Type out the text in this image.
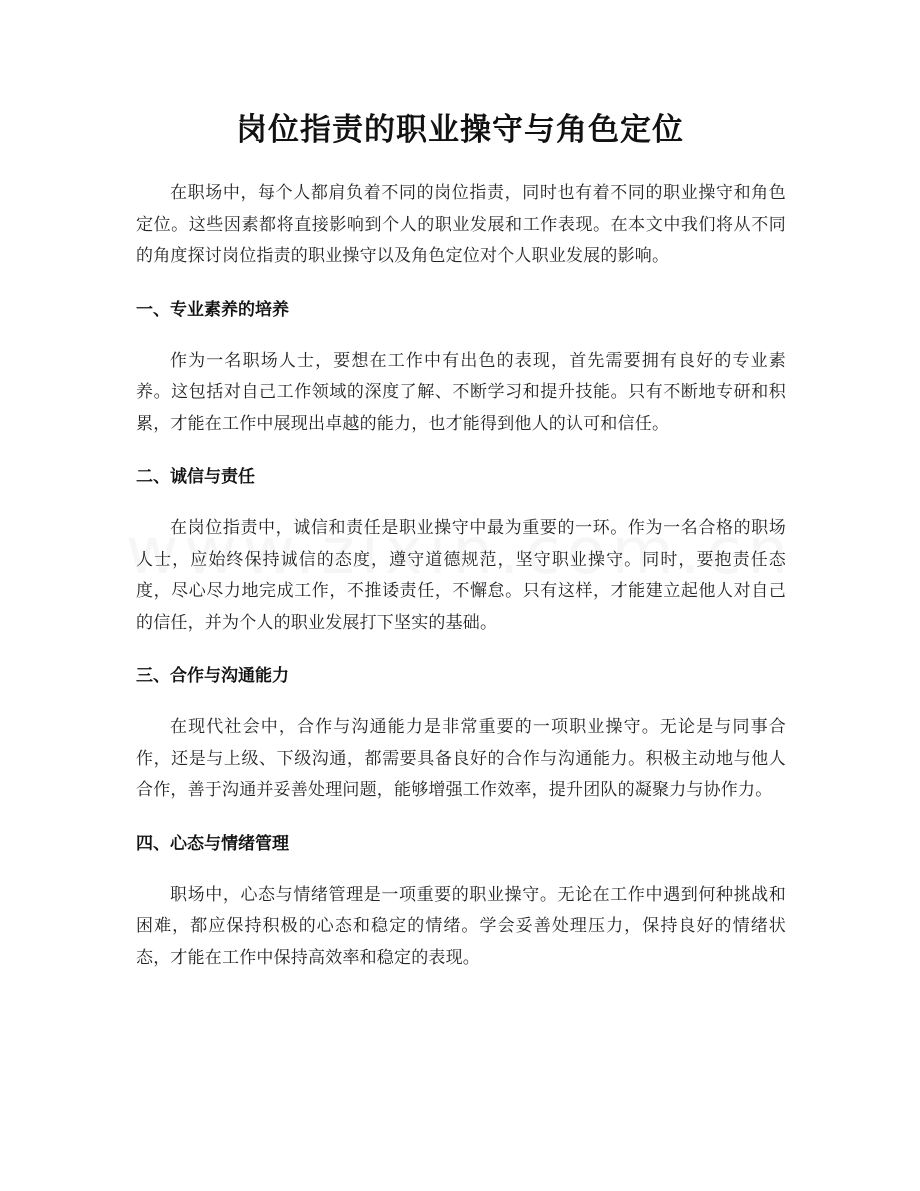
岗位指责的职业操守与角色定位

在职场中，每个人都肩负着不同的岗位指责，同时也有着不同的职业操守和角色定位。这些因素都将直接影响到个人的职业发展和工作表现。在本文中我们将从不同的角度探讨岗位指责的职业操守以及角色定位对个人职业发展的影响。

一、专业素养的培养

作为一名职场人士，要想在工作中有出色的表现，首先需要拥有良好的专业素养。这包括对自己工作领域的深度了解、不断学习和提升技能。只有不断地专研和积累，才能在工作中展现出卓越的能力，也才能得到他人的认可和信任。

二、诚信与责任

在岗位指责中，诚信和责任是职业操守中最为重要的一环。作为一名合格的职场人士，应始终保持诚信的态度，遵守道德规范，坚守职业操守。同时，要抱责任态度，尽心尽力地完成工作，不推诿责任，不懈怠。只有这样，才能建立起他人对自己的信任，并为个人的职业发展打下坚实的基础。

三、合作与沟通能力

在现代社会中，合作与沟通能力是非常重要的一项职业操守。无论是与同事合作，还是与上级、下级沟通，都需要具备良好的合作与沟通能力。积极主动地与他人合作，善于沟通并妥善处理问题，能够增强工作效率，提升团队的凝聚力与协作力。

四、心态与情绪管理

职场中，心态与情绪管理是一项重要的职业操守。无论在工作中遇到何种挑战和困难，都应保持积极的心态和稳定的情绪。学会妥善处理压力，保持良好的情绪状态，才能在工作中保持高效率和稳定的表现。
